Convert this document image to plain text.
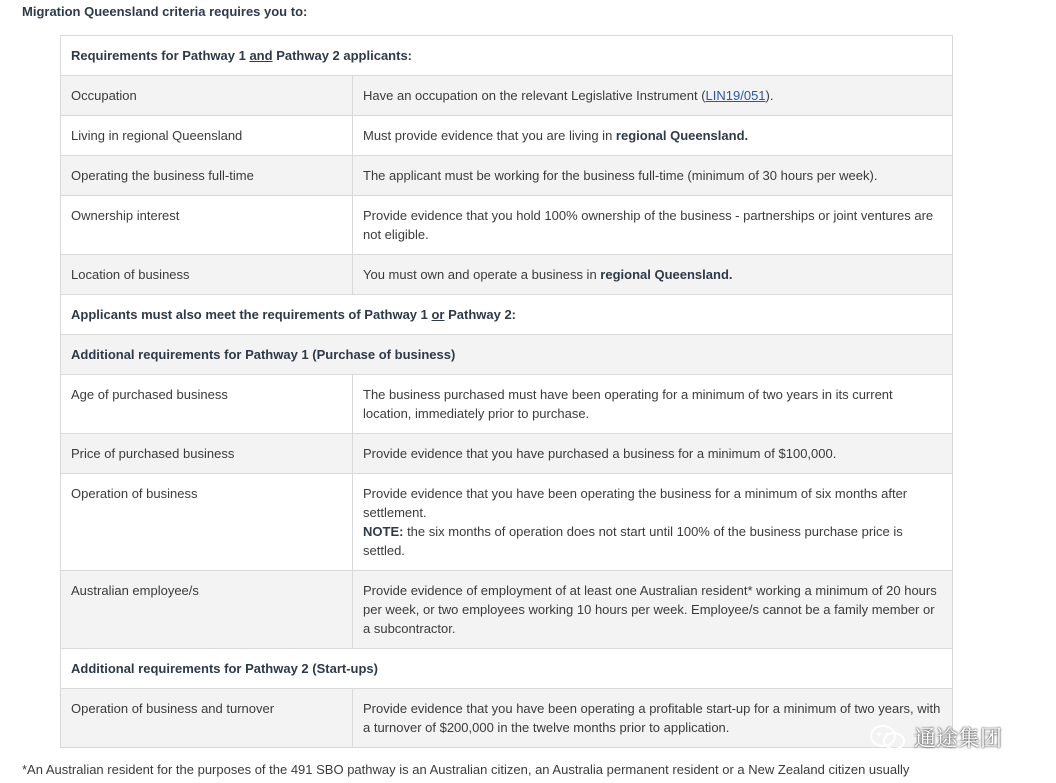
Migration Queensland criteria requires you to:
Requirements for Pathway 1 and Pathway 2 applicants:	
Occupation	Have an occupation on the relevant Legislative Instrument (LIN19/051).
Living in regional Queensland	Must provide evidence that you are living in regional Queensland.
Operating the business full-time	The applicant must be working for the business full-time (minimum of 30 hours per week).
Ownership interest	Provide evidence that you hold 100% ownership of the business - partnerships or joint ventures are not eligible.
Location of business	You must own and operate a business in regional Queensland.
Applicants must also meet the requirements of Pathway 1 or Pathway 2:	
Additional requirements for Pathway 1 (Purchase of business)	
Age of purchased business	The business purchased must have been operating for a minimum of two years in its current location, immediately prior to purchase.
Price of purchased business	Provide evidence that you have purchased a business for a minimum of $100,000.
Operation of business	Provide evidence that you have been operating the business for a minimum of six months after settlement.
NOTE: the six months of operation does not start until 100% of the business purchase price is settled.
Australian employee/s	Provide evidence of employment of at least one Australian resident* working a minimum of 20 hours per week, or two employees working 10 hours per week. Employee/s cannot be a family member or a subcontractor.
Additional requirements for Pathway 2 (Start-ups)	
Operation of business and turnover	Provide evidence that you have been operating a profitable start-up for a minimum of two years, with a turnover of $200,000 in the twelve months prior to application.
*An Australian resident for the purposes of the 491 SBO pathway is an Australian citizen, an Australia permanent resident or a New Zealand citizen usually
通途集团
